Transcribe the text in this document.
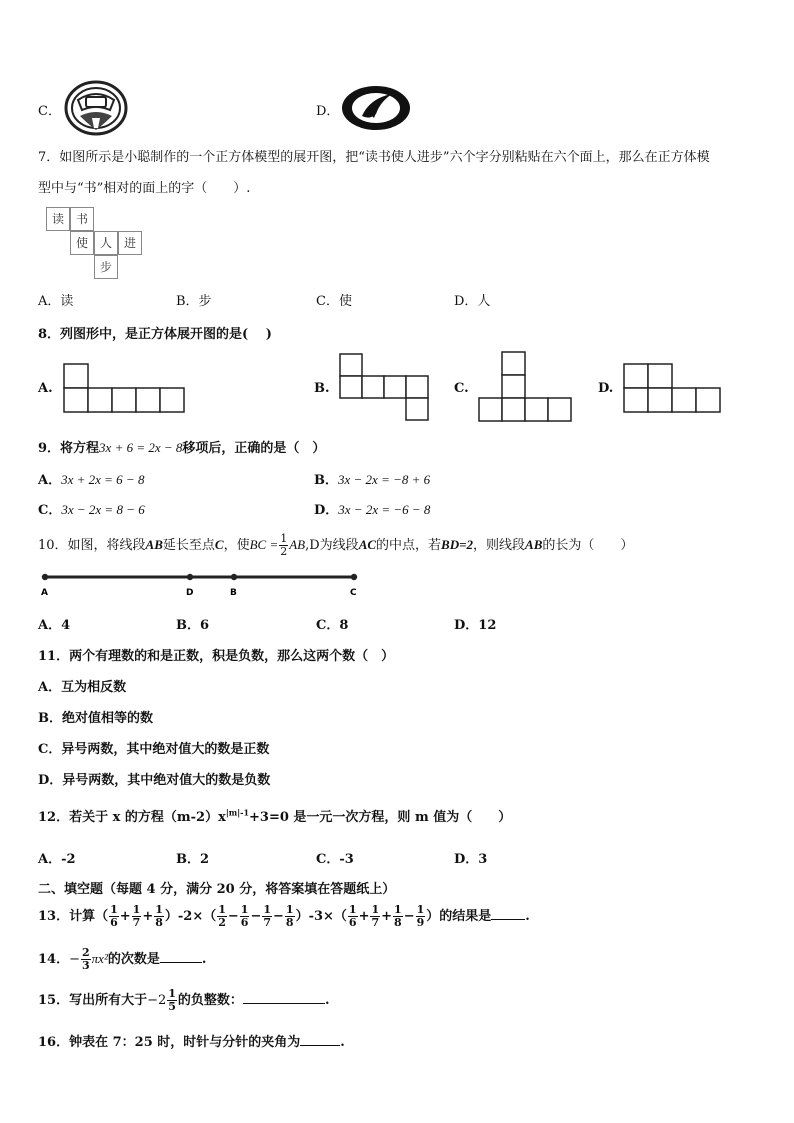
C．	D．
7．如图所示是小聪制作的一个正方体模型的展开图，把“读书使人进步”六个字分别粘贴在六个面上，那么在正方体模
型中与“书”相对的面上的字（　　）.
读 书
使 人 进
步
A．读	B．步	C．使	D．人
8．列图形中，是正方体展开图的是(　 )
A.	B.	C.	D.
9．将方程3x + 6 = 2x − 8移项后，正确的是（　）
A．3x + 2x = 6 − 8	B．3x − 2x = −8 + 6
C．3x − 2x = 8 − 6	D．3x − 2x = −6 − 8
10．如图，将线段AB延长至点C，使BC = $\frac{1}{2} AB,D$为线段AC的中点，若BD=2，则线段AB的长为（　　）
A	D	B	C
A．4	B．6	C．8	D．12
11．两个有理数的和是正数，积是负数，那么这两个数（　）
A．互为相反数
B．绝对值相等的数
C．异号两数，其中绝对值大的数是正数
D．异号两数，其中绝对值大的数是负数
12．若关于 x 的方程$(m-2)x^{|m|-1}+3=0$ 是一元一次方程，则 m 值为（　　）
A．-2	B．2	C．-3	D．3
二、填空题（每题 4 分，满分 20 分，将答案填在答题纸上）
13．计算（ $\frac{1}{6} + \frac{1}{7} + \frac{1}{8} )-2\times( \frac{1}{2} - \frac{1}{6} - \frac{1}{7} - \frac{1}{8} )-3\times( \frac{1}{6} + \frac{1}{7} + \frac{1}{8} - \frac{1}{9}$ ）的结果是	.
14．− $\frac{2}{3} \pi x^2$的次数是	.
15．写出所有大于$-2 \frac{1}{5}$ 的负整数：	.
16．钟表在 7：25 时，时针与分针的夹角为	.
